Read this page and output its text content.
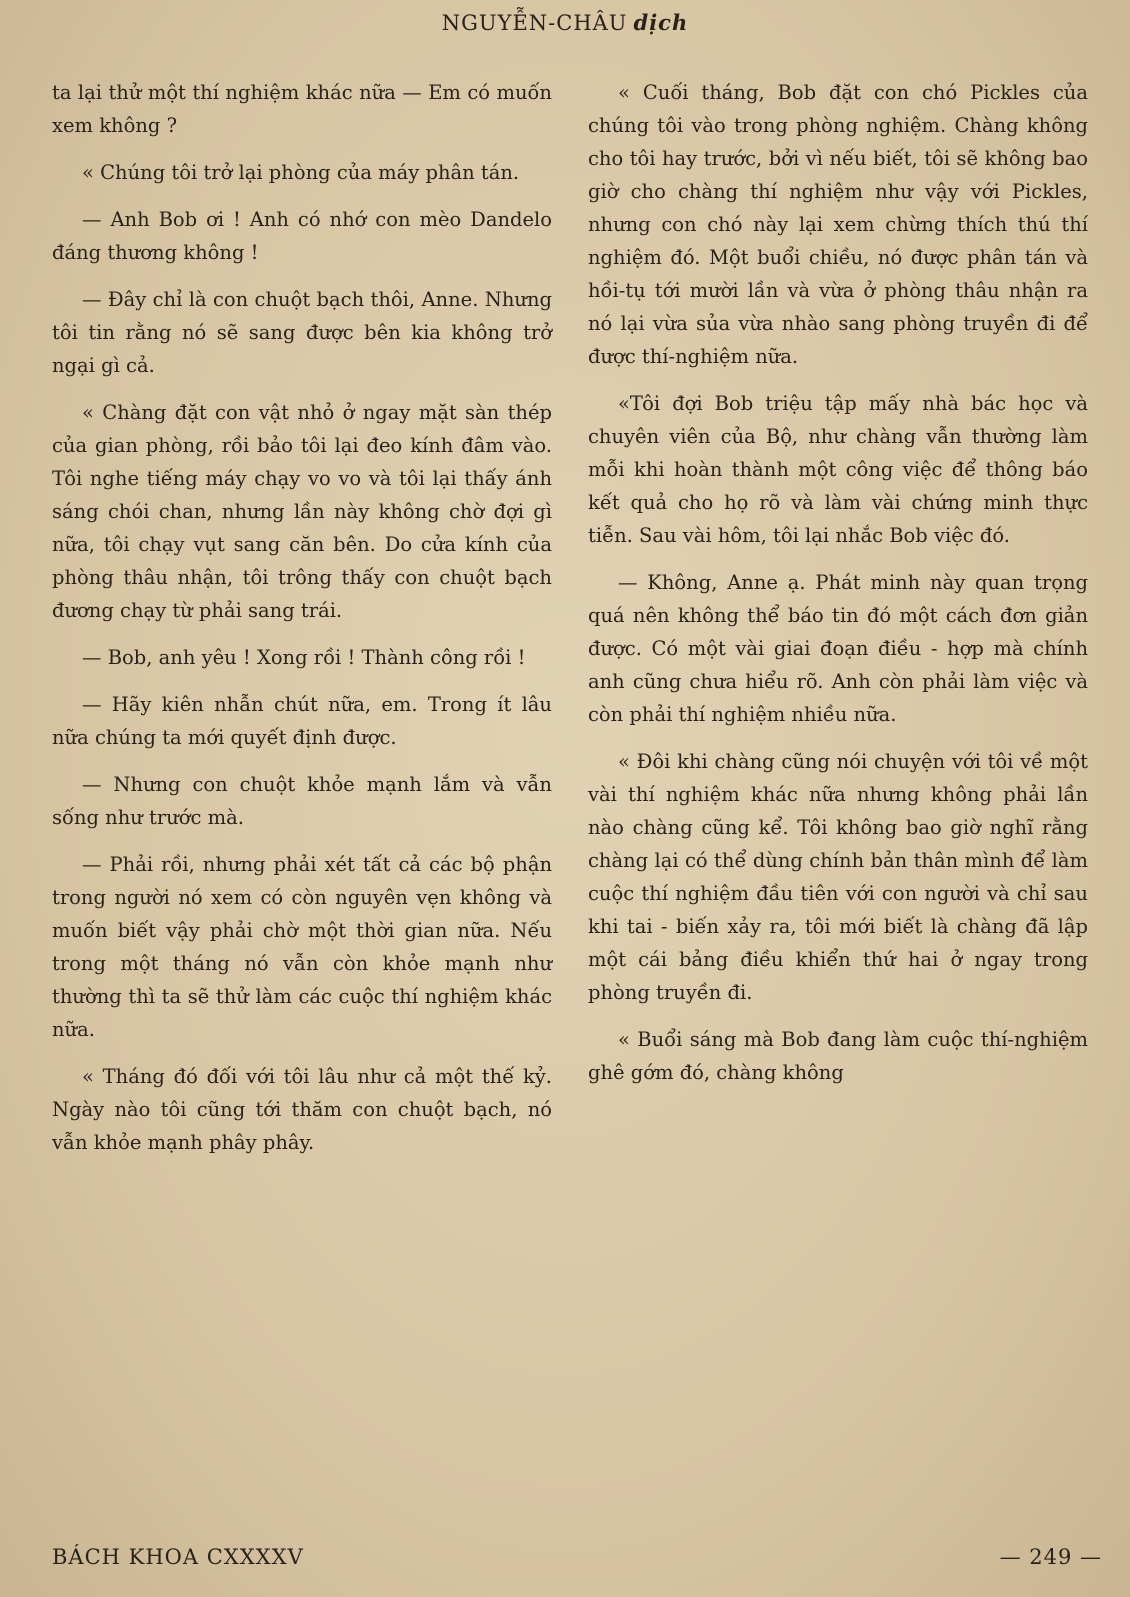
NGUYỄN-CHÂU dịch

ta lại thử một thí nghiệm khác nữa — Em có muốn xem không ?

« Chúng tôi trở lại phòng của máy phân tán.

— Anh Bob ơi ! Anh có nhớ con mèo Dandelo đáng thương không !

— Đây chỉ là con chuột bạch thôi, Anne. Nhưng tôi tin rằng nó sẽ sang được bên kia không trở ngại gì cả.

« Chàng đặt con vật nhỏ ở ngay mặt sàn thép của gian phòng, rồi bảo tôi lại đeo kính đâm vào. Tôi nghe tiếng máy chạy vo vo và tôi lại thấy ánh sáng chói chan, nhưng lần này không chờ đợi gì nữa, tôi chạy vụt sang căn bên. Do cửa kính của phòng thâu nhận, tôi trông thấy con chuột bạch đương chạy từ phải sang trái.

— Bob, anh yêu ! Xong rồi ! Thành công rồi !

— Hãy kiên nhẫn chút nữa, em. Trong ít lâu nữa chúng ta mới quyết định được.

— Nhưng con chuột khỏe mạnh lắm và vẫn sống như trước mà.

— Phải rồi, nhưng phải xét tất cả các bộ phận trong người nó xem có còn nguyên vẹn không và muốn biết vậy phải chờ một thời gian nữa. Nếu trong một tháng nó vẫn còn khỏe mạnh như thường thì ta sẽ thử làm các cuộc thí nghiệm khác nữa.

« Tháng đó đối với tôi lâu như cả một thế kỷ. Ngày nào tôi cũng tới thăm con chuột bạch, nó vẫn khỏe mạnh phây phây.

« Cuối tháng, Bob đặt con chó Pickles của chúng tôi vào trong phòng nghiệm. Chàng không cho tôi hay trước, bởi vì nếu biết, tôi sẽ không bao giờ cho chàng thí nghiệm như vậy với Pickles, nhưng con chó này lại xem chừng thích thú thí nghiệm đó. Một buổi chiều, nó được phân tán và hồi-tụ tới mười lần và vừa ở phòng thâu nhận ra nó lại vừa sủa vừa nhào sang phòng truyền đi để được thí-nghiệm nữa.

«Tôi đợi Bob triệu tập mấy nhà bác học và chuyên viên của Bộ, như chàng vẫn thường làm mỗi khi hoàn thành một công việc để thông báo kết quả cho họ rõ và làm vài chứng minh thực tiễn. Sau vài hôm, tôi lại nhắc Bob việc đó.

— Không, Anne ạ. Phát minh này quan trọng quá nên không thể báo tin đó một cách đơn giản được. Có một vài giai đoạn điều - hợp mà chính anh cũng chưa hiểu rõ. Anh còn phải làm việc và còn phải thí nghiệm nhiều nữa.

« Đôi khi chàng cũng nói chuyện với tôi về một vài thí nghiệm khác nữa nhưng không phải lần nào chàng cũng kể. Tôi không bao giờ nghĩ rằng chàng lại có thể dùng chính bản thân mình để làm cuộc thí nghiệm đầu tiên với con người và chỉ sau khi tai - biến xảy ra, tôi mới biết là chàng đã lập một cái bảng điều khiển thứ hai ở ngay trong phòng truyền đi.

« Buổi sáng mà Bob đang làm cuộc thí-nghiệm ghê gớm đó, chàng không

BÁCH KHOA CXXXXV	— 249 —
